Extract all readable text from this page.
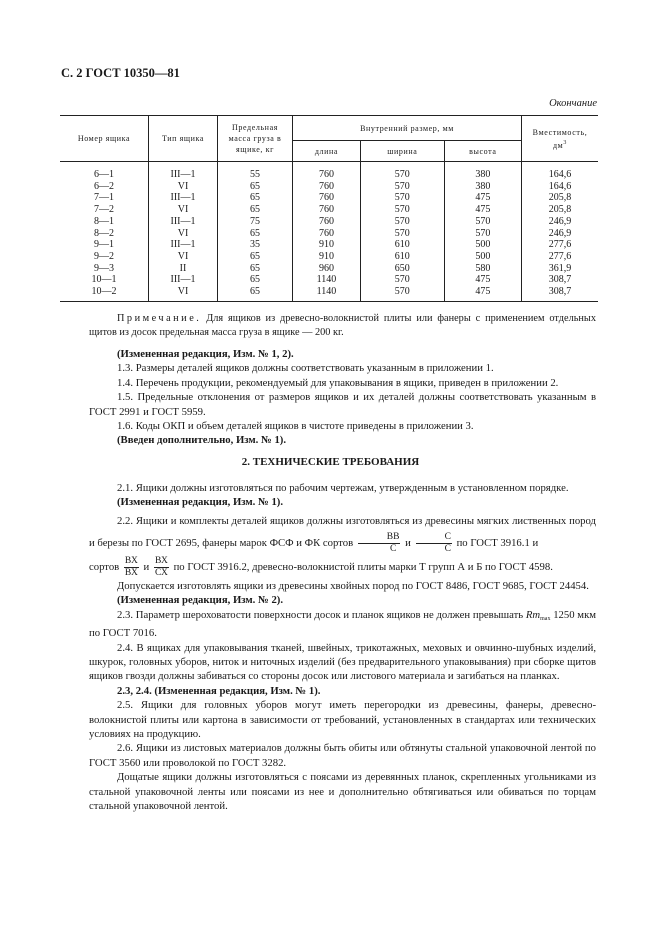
С. 2 ГОСТ 10350—81
Окончание
Номер ящика	Тип ящика	Предельная масса груза в ящике, кг	Внутренний размер, мм			Вместимость,
$дм^3$
			длина	ширина	высота	
6—1	III—1	55	760	570	380	164,6
6—2	VI	65	760	570	380	164,6
7—1	III—1	65	760	570	475	205,8
7—2	VI	65	760	570	475	205,8
8—1	III—1	75	760	570	570	246,9
8—2	VI	65	760	570	570	246,9
9—1	III—1	35	910	610	500	277,6
9—2	VI	65	910	610	500	277,6
9—3	II	65	960	650	580	361,9
10—1	III—1	65	1140	570	475	308,7
10—2	VI	65	1140	570	475	308,7

Примечание. Для ящиков из древесно-волокнистой плиты или фанеры с применением отдельных щитов из досок предельная масса груза в ящике — 200 кг.

(Измененная редакция, Изм. № 1, 2).

1.3. Размеры деталей ящиков должны соответствовать указанным в приложении 1.

1.4. Перечень продукции, рекомендуемый для упаковывания в ящики, приведен в приложении 2.

1.5. Предельные отклонения от размеров ящиков и их деталей должны соответствовать указанным в ГОСТ 2991 и ГОСТ 5959.

1.6. Коды ОКП и объем деталей ящиков в чистоте приведены в приложении 3.

(Введен дополнительно, Изм. № 1).

2. ТЕХНИЧЕСКИЕ ТРЕБОВАНИЯ

2.1. Ящики должны изготовляться по рабочим чертежам, утвержденным в установленном порядке.

(Измененная редакция, Изм. № 1).

2.2. Ящики и комплекты деталей ящиков должны изготовляться из древесины мягких лиственных пород и березы по ГОСТ 2695, фанеры марок ФСФ и ФК сортов	ВВ
С
и	С
С
по ГОСТ 3916.1 и

сортов ВХ
ВХ
и ВХ
СХ
по ГОСТ 3916.2, древесно-волокнистой плиты марки Т групп А и Б по ГОСТ 4598.

Допускается изготовлять ящики из древесины хвойных пород по ГОСТ 8486, ГОСТ 9685, ГОСТ 24454.

(Измененная редакция, Изм. № 2).

2.3. Параметр шероховатости поверхности досок и планок ящиков не должен превышать $Rm_{max}$ 1250 мкм по ГОСТ 7016.

2.4. В ящиках для упаковывания тканей, швейных, трикотажных, меховых и овчинно-шубных изделий, шкурок, головных уборов, ниток и ниточных изделий (без предварительного упаковывания) при сборке щитов ящиков гвозди должны забиваться со стороны досок или листового материала и загибаться на планках.

2.3, 2.4. (Измененная редакция, Изм. № 1).

2.5. Ящики для головных уборов могут иметь перегородки из древесины, фанеры, древесно-волокнистой плиты или картона в зависимости от требований, установленных в стандартах или технических условиях на продукцию.

2.6. Ящики из листовых материалов должны быть обиты или обтянуты стальной упаковочной лентой по ГОСТ 3560 или проволокой по ГОСТ 3282.

Дощатые ящики должны изготовляться с поясами из деревянных планок, скрепленных угольниками из стальной упаковочной ленты или поясами из нее и дополнительно обтягиваться или обиваться по торцам стальной упаковочной лентой.
